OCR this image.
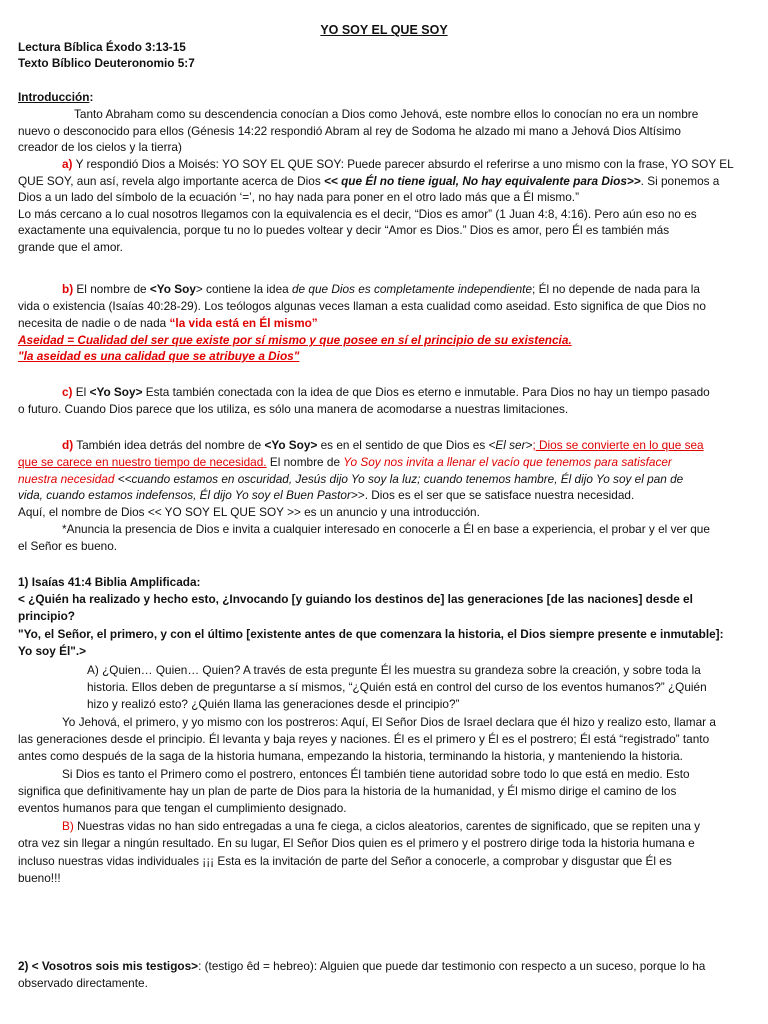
YO SOY EL QUE SOY
Lectura Bíblica Éxodo 3:13-15
Texto Bíblico Deuteronomio 5:7
Introducción:
Tanto Abraham como su descendencia conocían a Dios como Jehová, este nombre ellos lo conocían no era un nombre
nuevo o desconocido para ellos (Génesis 14:22 respondió Abram al rey de Sodoma he alzado mi mano a Jehová Dios Altísimo
creador de los cielos y la tierra)
a) Y respondió Dios a Moisés: YO SOY EL QUE SOY: Puede parecer absurdo el referirse a uno mismo con la frase, YO SOY EL
QUE SOY, aun así, revela algo importante acerca de Dios << que Él no tiene igual, No hay equivalente para Dios>>. Si ponemos a
Dios a un lado del símbolo de la ecuación ‘=’, no hay nada para poner en el otro lado más que a Él mismo.”
Lo más cercano a lo cual nosotros llegamos con la equivalencia es el decir, “Dios es amor” (1 Juan 4:8, 4:16). Pero aún eso no es
exactamente una equivalencia, porque tu no lo puedes voltear y decir “Amor es Dios.” Dios es amor, pero Él es también más
grande que el amor.
b) El nombre de <Yo Soy> contiene la idea de que Dios es completamente independiente; Él no depende de nada para la
vida o existencia (Isaías 40:28-29). Los teólogos algunas veces llaman a esta cualidad como aseidad. Esto significa de que Dios no
necesita de nadie o de nada “la vida está en Él mismo”
Aseidad = Cualidad del ser que existe por sí mismo y que posee en sí el principio de su existencia.
"la aseidad es una calidad que se atribuye a Dios"
c) El <Yo Soy> Esta también conectada con la idea de que Dios es eterno e inmutable. Para Dios no hay un tiempo pasado
o futuro. Cuando Dios parece que los utiliza, es sólo una manera de acomodarse a nuestras limitaciones.
d) También idea detrás del nombre de <Yo Soy> es en el sentido de que Dios es <El ser>; Dios se convierte en lo que sea
que se carece en nuestro tiempo de necesidad. El nombre de Yo Soy nos invita a llenar el vacío que tenemos para satisfacer
nuestra necesidad <<cuando estamos en oscuridad, Jesús dijo Yo soy la luz; cuando tenemos hambre, Él dijo Yo soy el pan de
vida, cuando estamos indefensos, Él dijo Yo soy el Buen Pastor>>. Dios es el ser que se satisface nuestra necesidad.
Aquí, el nombre de Dios << YO SOY EL QUE SOY >> es un anuncio y una introducción.
*Anuncia la presencia de Dios e invita a cualquier interesado en conocerle a Él en base a experiencia, el probar y el ver que
el Señor es bueno.
1) Isaías 41:4 Biblia Amplificada:
< ¿Quién ha realizado y hecho esto, ¿Invocando [y guiando los destinos de] las generaciones [de las naciones] desde el
principio?
"Yo, el Señor, el primero, y con el último [existente antes de que comenzara la historia, el Dios siempre presente e inmutable]:
Yo soy Él".>
A) ¿Quien… Quien… Quien? A través de esta pregunte Él les muestra su grandeza sobre la creación, y sobre toda la
historia. Ellos deben de preguntarse a sí mismos, “¿Quién está en control del curso de los eventos humanos?” ¿Quién
hizo y realizó esto? ¿Quién llama las generaciones desde el principio?”
Yo Jehová, el primero, y yo mismo con los postreros: Aquí, El Señor Dios de Israel declara que él hizo y realizo esto, llamar a
las generaciones desde el principio. Él levanta y baja reyes y naciones. Él es el primero y Él es el postrero; Él está “registrado” tanto
antes como después de la saga de la historia humana, empezando la historia, terminando la historia, y manteniendo la historia.
Si Dios es tanto el Primero como el postrero, entonces Él también tiene autoridad sobre todo lo que está en medio. Esto
significa que definitivamente hay un plan de parte de Dios para la historia de la humanidad, y Él mismo dirige el camino de los
eventos humanos para que tengan el cumplimiento designado.
B) Nuestras vidas no han sido entregadas a una fe ciega, a ciclos aleatorios, carentes de significado, que se repiten una y
otra vez sin llegar a ningún resultado. En su lugar, El Señor Dios quien es el primero y el postrero dirige toda la historia humana e
incluso nuestras vidas individuales ¡¡¡ Esta es la invitación de parte del Señor a conocerle, a comprobar y disgustar que Él es
bueno!!!
2) < Vosotros sois mis testigos>: (testigo êd = hebreo): Alguien que puede dar testimonio con respecto a un suceso, porque lo ha
observado directamente.
